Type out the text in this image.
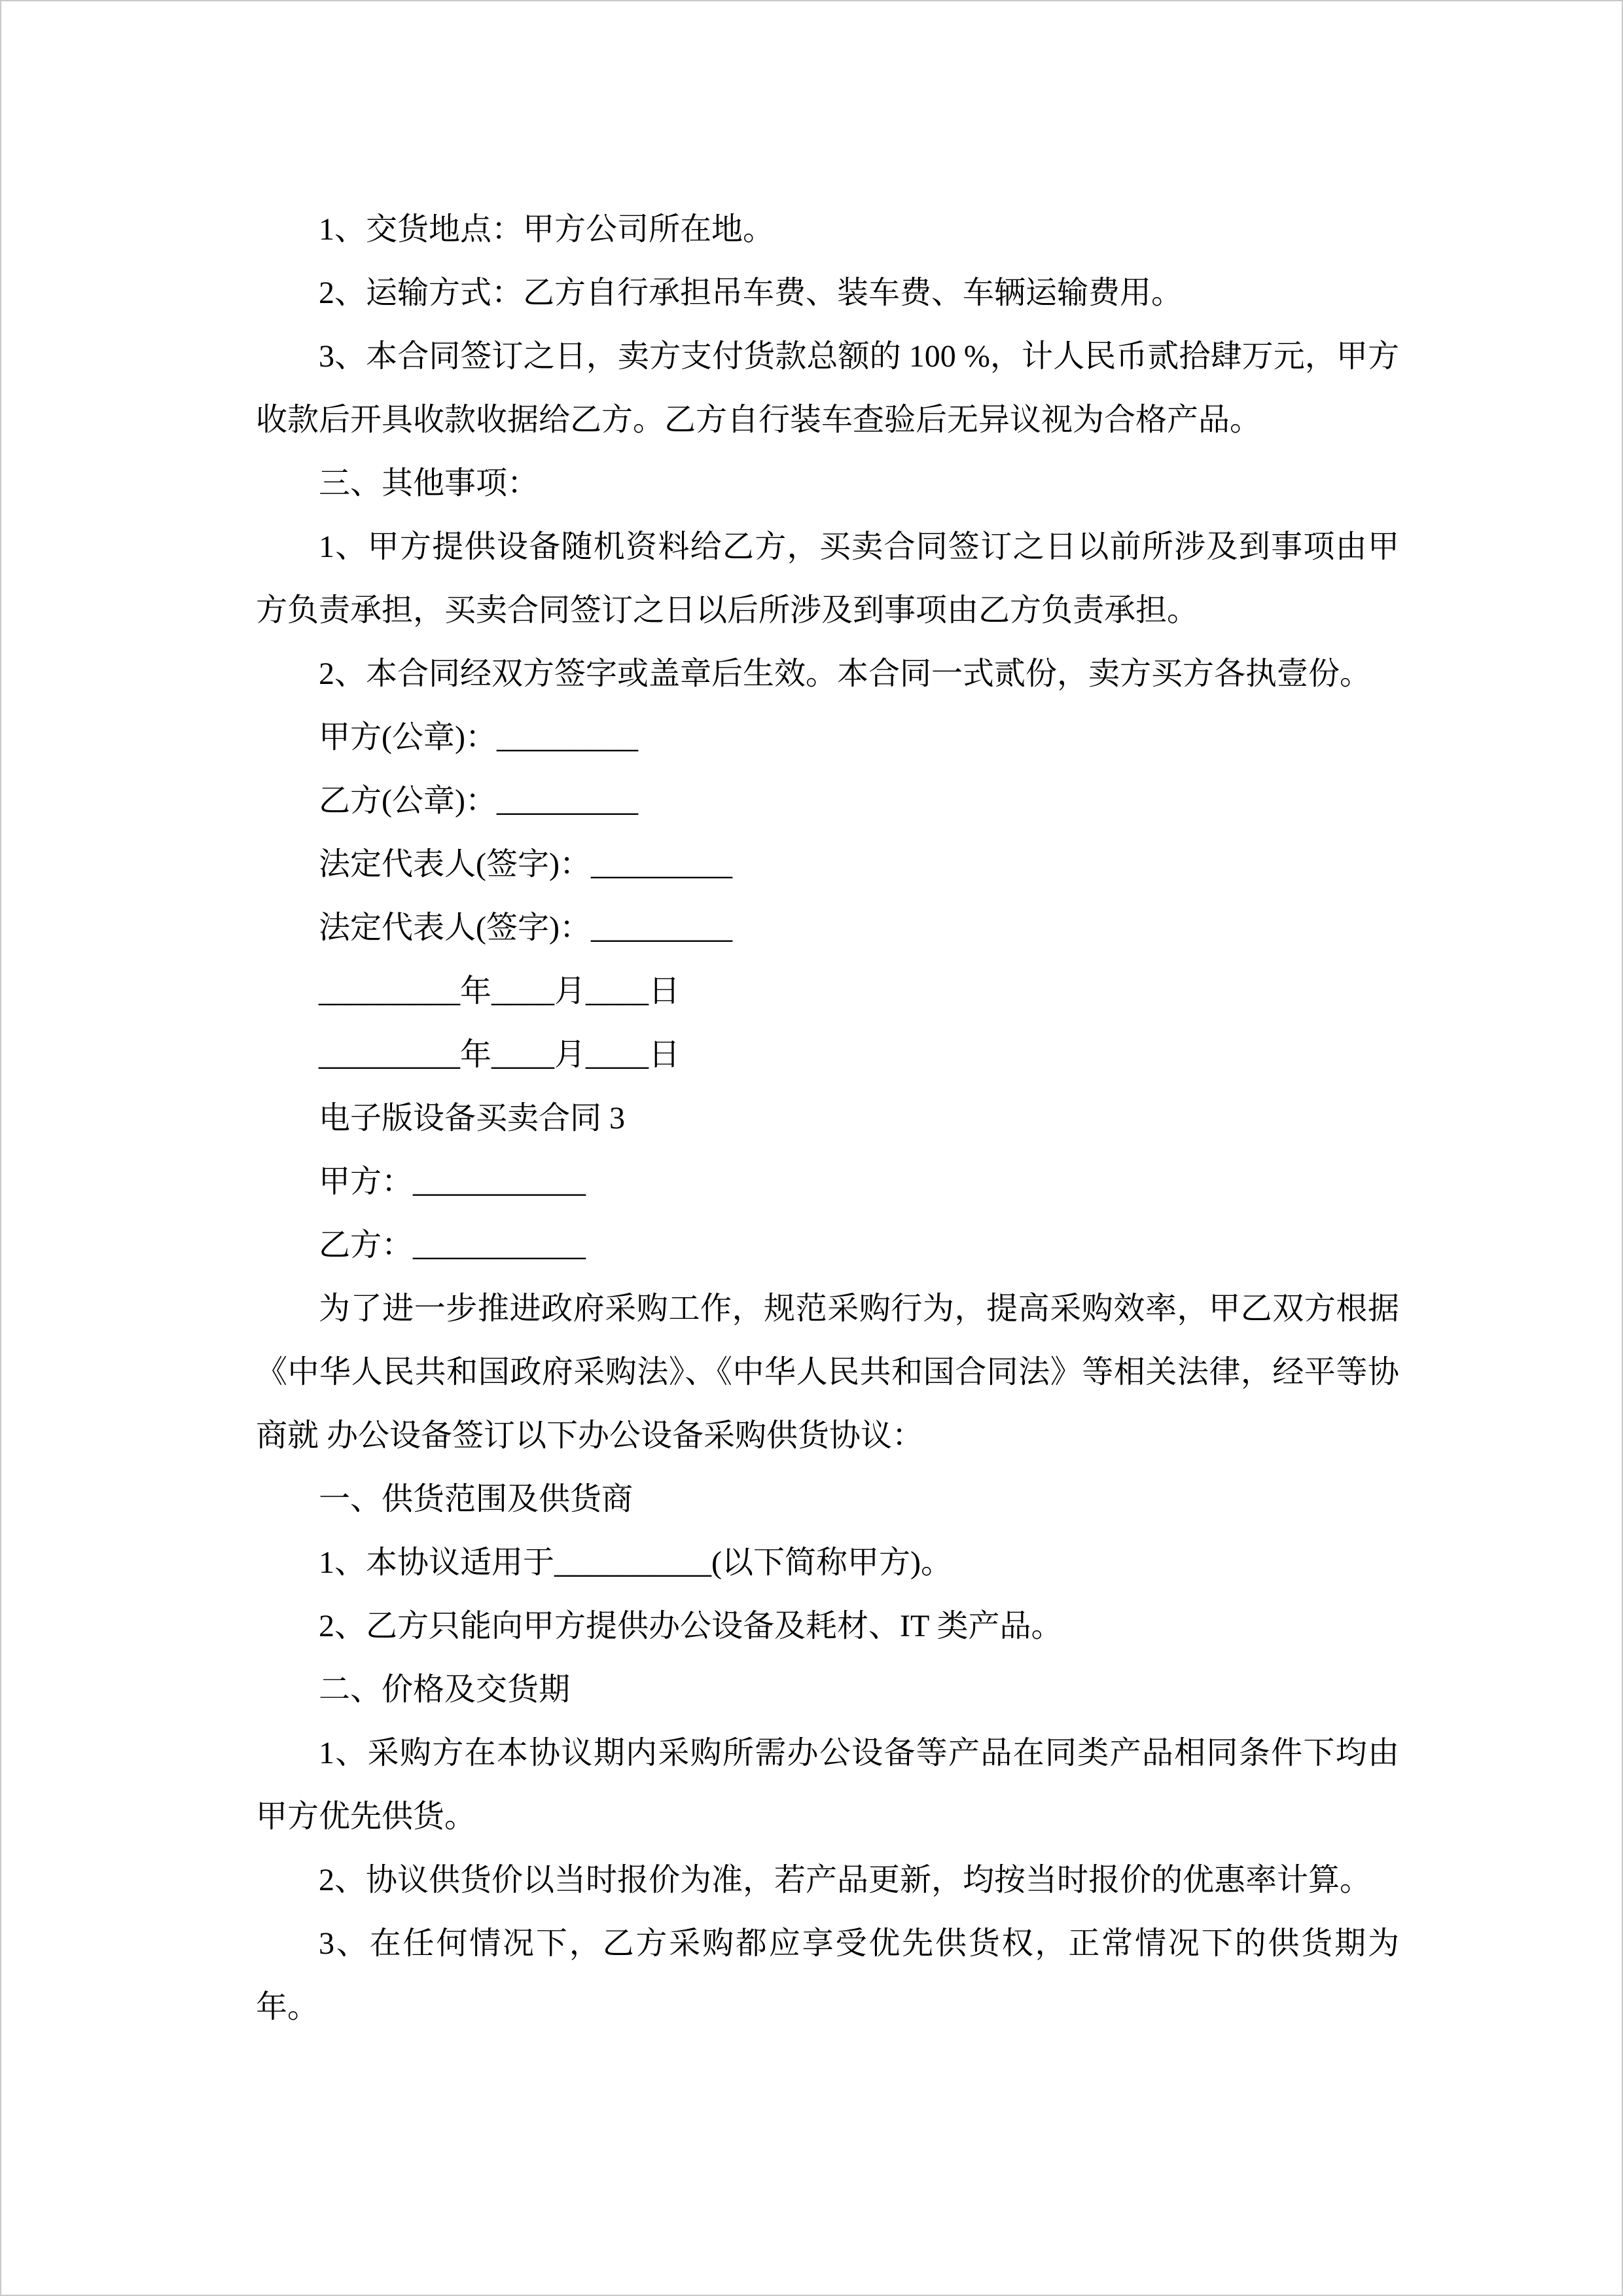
1、交货地点：甲方公司所在地。

2、运输方式：乙方自行承担吊车费、装车费、车辆运输费用。

3、本合同签订之日，卖方支付货款总额的 100 %，计人民币贰拾肆万元，甲方收款后开具收款收据给乙方。乙方自行装车查验后无异议视为合格产品。

三、其他事项：

1、甲方提供设备随机资料给乙方，买卖合同签订之日以前所涉及到事项由甲方负责承担，买卖合同签订之日以后所涉及到事项由乙方负责承担。

2、本合同经双方签字或盖章后生效。本合同一式贰份，卖方买方各执壹份。

甲方(公章)：_________

乙方(公章)：_________

法定代表人(签字)：_________

法定代表人(签字)：_________

_________年____月____日

_________年____月____日

电子版设备买卖合同 3

甲方：___________

乙方：___________

为了进一步推进政府采购工作，规范采购行为，提高采购效率，甲乙双方根据《中华人民共和国政府采购法》、《中华人民共和国合同法》等相关法律，经平等协商就 办公设备签订以下办公设备采购供货协议：

一、供货范围及供货商

1、本协议适用于__________(以下简称甲方)。

2、乙方只能向甲方提供办公设备及耗材、IT 类产品。

二、价格及交货期

1、采购方在本协议期内采购所需办公设备等产品在同类产品相同条件下均由甲方优先供货。

2、协议供货价以当时报价为准，若产品更新，均按当时报价的优惠率计算。

3、在任何情况下，乙方采购都应享受优先供货权，正常情况下的供货期为年。
